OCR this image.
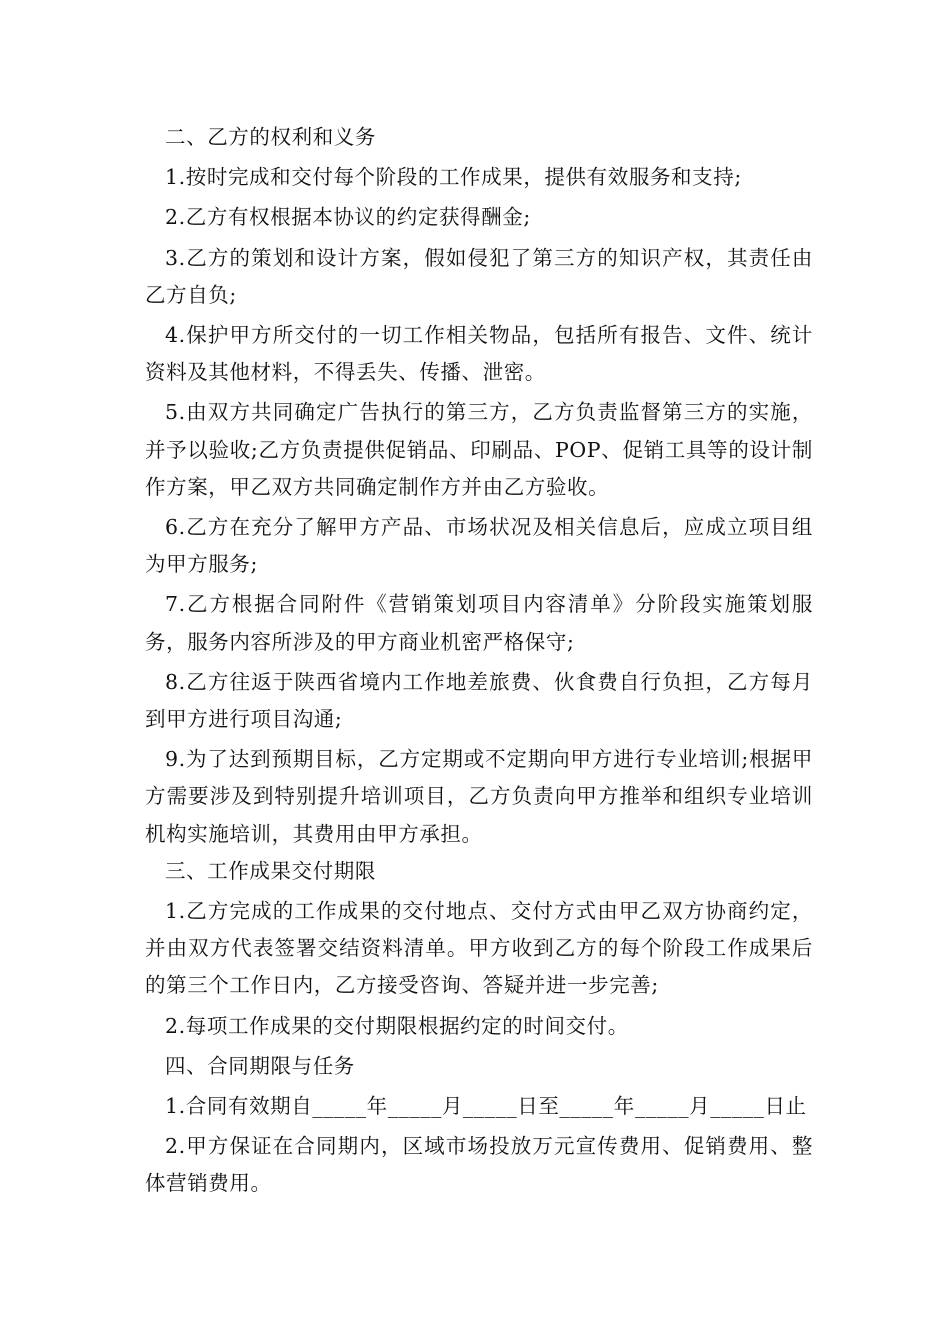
二、乙方的权利和义务

1.按时完成和交付每个阶段的工作成果，提供有效服务和支持;

2.乙方有权根据本协议的约定获得酬金;

3.乙方的策划和设计方案，假如侵犯了第三方的知识产权，其责任由乙方自负;

4.保护甲方所交付的一切工作相关物品，包括所有报告、文件、统计资料及其他材料，不得丢失、传播、泄密。

5.由双方共同确定广告执行的第三方，乙方负责监督第三方的实施，并予以验收;乙方负责提供促销品、印刷品、POP、促销工具等的设计制作方案，甲乙双方共同确定制作方并由乙方验收。

6.乙方在充分了解甲方产品、市场状况及相关信息后，应成立项目组为甲方服务;

7.乙方根据合同附件《营销策划项目内容清单》分阶段实施策划服务，服务内容所涉及的甲方商业机密严格保守;

8.乙方往返于陕西省境内工作地差旅费、伙食费自行负担，乙方每月到甲方进行项目沟通;

9.为了达到预期目标，乙方定期或不定期向甲方进行专业培训;根据甲方需要涉及到特别提升培训项目，乙方负责向甲方推举和组织专业培训机构实施培训，其费用由甲方承担。

三、工作成果交付期限

1.乙方完成的工作成果的交付地点、交付方式由甲乙双方协商约定，并由双方代表签署交结资料清单。甲方收到乙方的每个阶段工作成果后的第三个工作日内，乙方接受咨询、答疑并进一步完善;

2.每项工作成果的交付期限根据约定的时间交付。

四、合同期限与任务

1.合同有效期自_____年_____月_____日至_____年_____月_____日止

2.甲方保证在合同期内，区域市场投放万元宣传费用、促销费用、整体营销费用。
